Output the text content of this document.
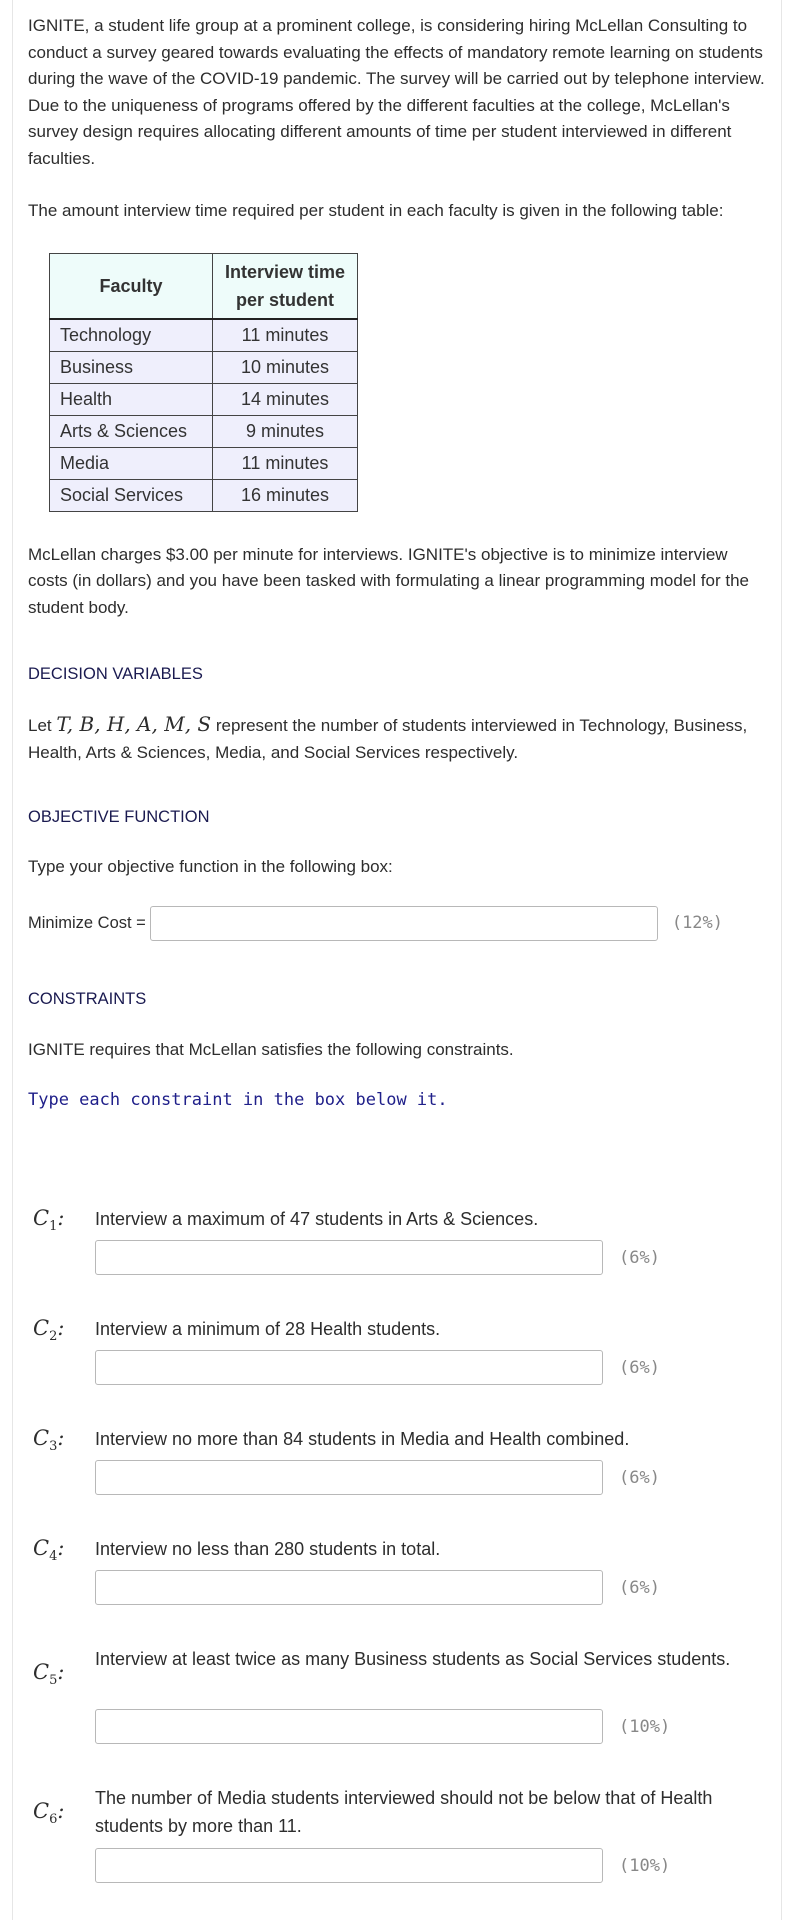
IGNITE, a student life group at a prominent college, is considering hiring McLellan Consulting to conduct a survey geared towards evaluating the effects of mandatory remote learning on students during the wave of the COVID-19 pandemic. The survey will be carried out by telephone interview.

Due to the uniqueness of programs offered by the different faculties at the college, McLellan's survey design requires allocating different amounts of time per student interviewed in different faculties.

The amount interview time required per student in each faculty is given in the following table:

Faculty	Interview time
per student
Technology	11 minutes
Business	10 minutes
Health	14 minutes
Arts & Sciences	9 minutes
Media	11 minutes
Social Services	16 minutes

McLellan charges $3.00 per minute for interviews. IGNITE's objective is to minimize interview costs (in dollars) and you have been tasked with formulating a linear programming model for the student body.

DECISION VARIABLES

Let T, B, H, A, M, S represent the number of students interviewed in Technology, Business, Health, Arts & Sciences, Media, and Social Services respectively.

OBJECTIVE FUNCTION

Type your objective function in the following box:

Minimize Cost =	(12%)

CONSTRAINTS

IGNITE requires that McLellan satisfies the following constraints.

Type each constraint in the box below it.

$C_1$: Interview a maximum of 47 students in Arts & Sciences.
(6%)
$C_2$: Interview a minimum of 28 Health students.
(6%)
$C_3$: Interview no more than 84 students in Media and Health combined.
(6%)
$C_4$: Interview no less than 280 students in total.
(6%)
$C_5$:
Interview at least twice as many Business students as Social Services students.
(10%)
$C_6$:
The number of Media students interviewed should not be below that of Health students by more than 11.
(10%)
